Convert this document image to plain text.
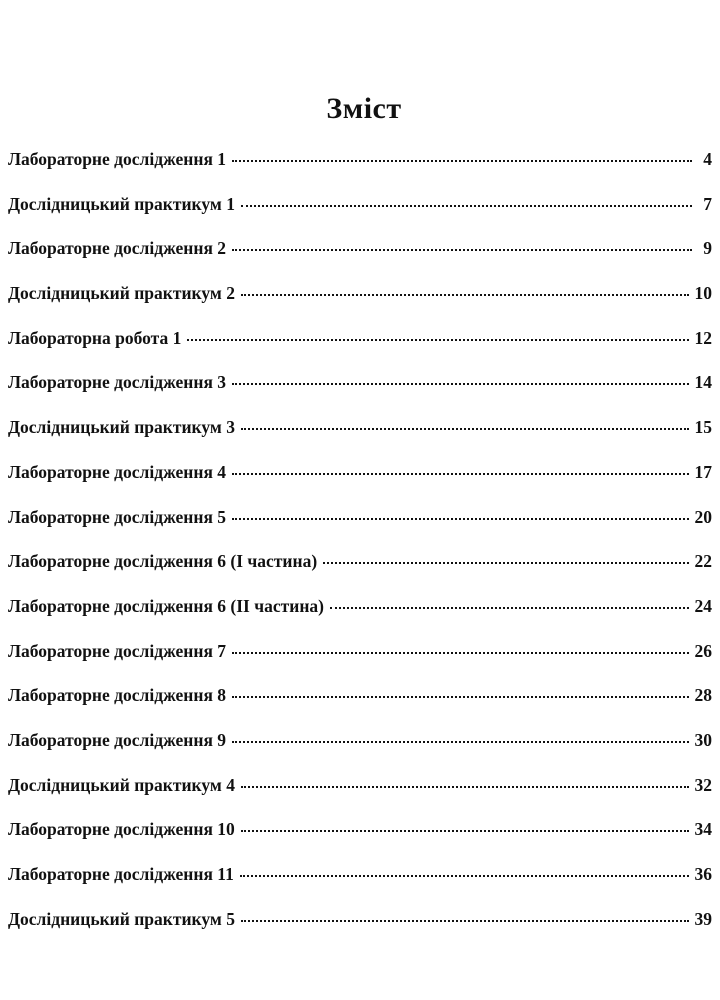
Зміст
Лабораторне дослідження 1	4
Дослідницький практикум 1	7
Лабораторне дослідження 2	9
Дослідницький практикум 2	10
Лабораторна робота 1	12
Лабораторне дослідження 3	14
Дослідницький практикум 3	15
Лабораторне дослідження 4	17
Лабораторне дослідження 5	20
Лабораторне дослідження 6 (I частина)	22
Лабораторне дослідження 6 (II частина)	24
Лабораторне дослідження 7	26
Лабораторне дослідження 8	28
Лабораторне дослідження 9	30
Дослідницький практикум 4	32
Лабораторне дослідження 10	34
Лабораторне дослідження 11	36
Дослідницький практикум 5	39
